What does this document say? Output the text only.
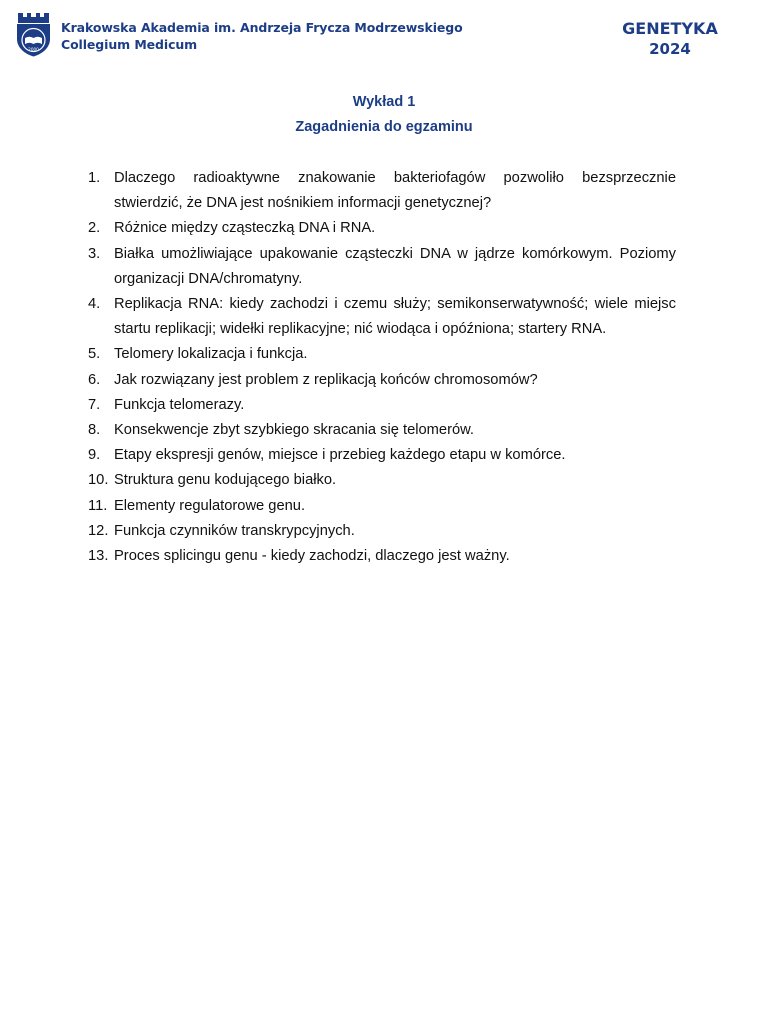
2000
Krakowska Akademia im. Andrzeja Frycza Modrzewskiego
Collegium Medicum
GENETYKA
2024
Wykład 1
Zagadnienia do egzaminu
1. Dlaczego radioaktywne znakowanie bakteriofagów pozwoliło bezsprzecznie stwierdzić, że DNA jest nośnikiem informacji genetycznej?
2. Różnice między cząsteczką DNA i RNA.
3. Białka umożliwiające upakowanie cząsteczki DNA w jądrze komórkowym. Poziomy organizacji DNA/chromatyny.
4. Replikacja RNA: kiedy zachodzi i czemu służy; semikonserwatywność; wiele miejsc startu replikacji; widełki replikacyjne; nić wiodąca i opóźniona; startery RNA.
5. Telomery lokalizacja i funkcja.
6. Jak rozwiązany jest problem z replikacją końców chromosomów?
7. Funkcja telomerazy.
8. Konsekwencje zbyt szybkiego skracania się telomerów.
9. Etapy ekspresji genów, miejsce i przebieg każdego etapu w komórce.
10. Struktura genu kodującego białko.
11. Elementy regulatorowe genu.
12. Funkcja czynników transkrypcyjnych.
13. Proces splicingu genu - kiedy zachodzi, dlaczego jest ważny.
